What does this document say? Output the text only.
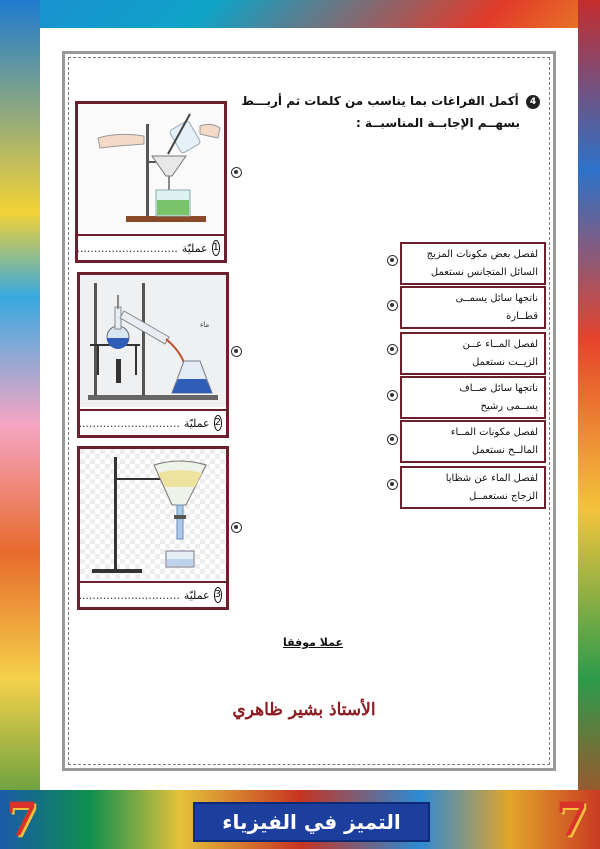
4 أكمل الفراغات بما يناسب من كلمات ثم أربـــط
بسهــم الإجابــة المناسبــة :
1
عمليّة
.............................
ماء
2
عمليّة
.............................
3
عمليّة
.............................
لفصل بعض مكونات المزيج
السائل المتجانس نستعمل
ناتجها سائل يسمــى
قطــارة
لفصل المــاء عــن
الزيــت نستعمل
ناتجها سائل صــاف
يســمى رشيح
لفصل مكونات المــاء
المالــح نستعمل
لفصل الماء عن شظايا
الزجاج نستعمــل
عملا موفقا
الأستاذ بشير ظاهري
7	7
التميز في الفيزياء
